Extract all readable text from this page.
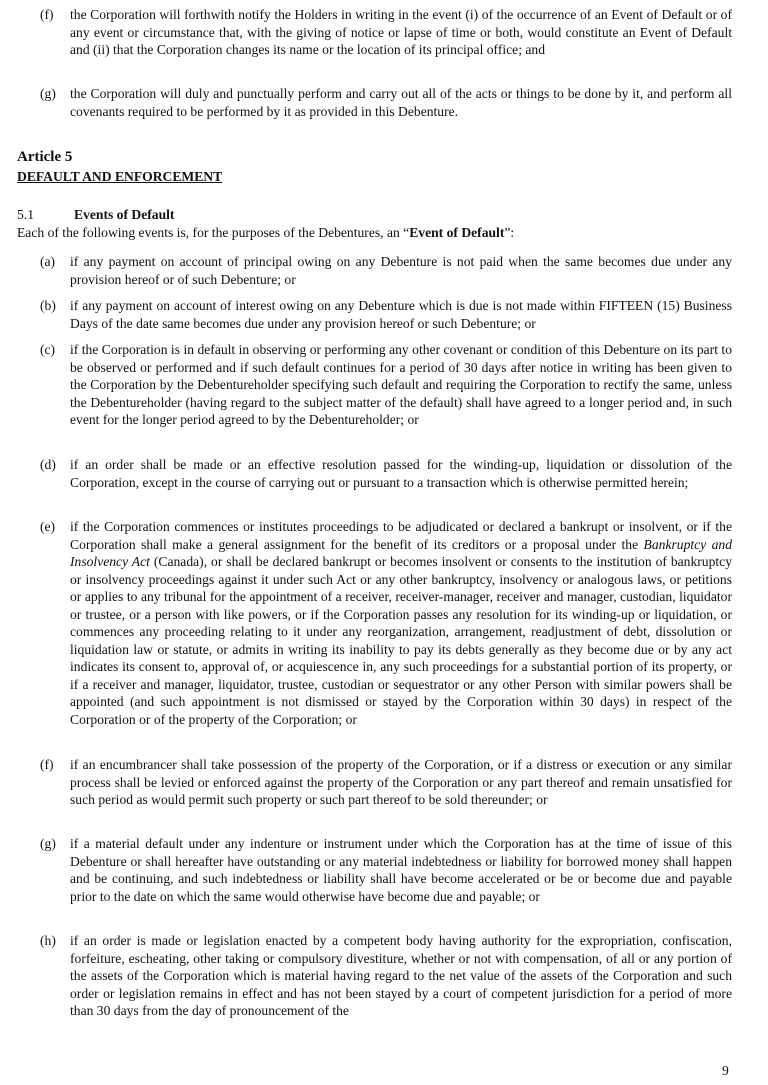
(f)	the Corporation will forthwith notify the Holders in writing in the event (i) of the occurrence of an Event of Default or of any event or circumstance that, with the giving of notice or lapse of time or both, would constitute an Event of Default and (ii) that the Corporation changes its name or the location of its principal office; and
(g)	the Corporation will duly and punctually perform and carry out all of the acts or things to be done by it, and perform all covenants required to be performed by it as provided in this Debenture.
Article 5
DEFAULT AND ENFORCEMENT
5.1	Events of Default
Each of the following events is, for the purposes of the Debentures, an “Event of Default”:
(a)	if any payment on account of principal owing on any Debenture is not paid when the same becomes due under any provision hereof or of such Debenture; or
(b)	if any payment on account of interest owing on any Debenture which is due is not made within FIFTEEN (15) Business Days of the date same becomes due under any provision hereof or such Debenture; or
(c)	if the Corporation is in default in observing or performing any other covenant or condition of this Debenture on its part to be observed or performed and if such default continues for a period of 30 days after notice in writing has been given to the Corporation by the Debentureholder specifying such default and requiring the Corporation to rectify the same, unless the Debentureholder (having regard to the subject matter of the default) shall have agreed to a longer period and, in such event for the longer period agreed to by the Debentureholder; or
(d)	if an order shall be made or an effective resolution passed for the winding-up, liquidation or dissolution of the Corporation, except in the course of carrying out or pursuant to a transaction which is otherwise permitted herein;
(e)	if the Corporation commences or institutes proceedings to be adjudicated or declared a bankrupt or insolvent, or if the Corporation shall make a general assignment for the benefit of its creditors or a proposal under the Bankruptcy and Insolvency Act (Canada), or shall be declared bankrupt or becomes insolvent or consents to the institution of bankruptcy or insolvency proceedings against it under such Act or any other bankruptcy, insolvency or analogous laws, or petitions or applies to any tribunal for the appointment of a receiver, receiver-manager, receiver and manager, custodian, liquidator or trustee, or a person with like powers, or if the Corporation passes any resolution for its winding-up or liquidation, or commences any proceeding relating to it under any reorganization, arrangement, readjustment of debt, dissolution or liquidation law or statute, or admits in writing its inability to pay its debts generally as they become due or by any act indicates its consent to, approval of, or acquiescence in, any such proceedings for a substantial portion of its property, or if a receiver and manager, liquidator, trustee, custodian or sequestrator or any other Person with similar powers shall be appointed (and such appointment is not dismissed or stayed by the Corporation within 30 days) in respect of the Corporation or of the property of the Corporation; or
(f)	if an encumbrancer shall take possession of the property of the Corporation, or if a distress or execution or any similar process shall be levied or enforced against the property of the Corporation or any part thereof and remain unsatisfied for such period as would permit such property or such part thereof to be sold thereunder; or
(g)	if a material default under any indenture or instrument under which the Corporation has at the time of issue of this Debenture or shall hereafter have outstanding or any material indebtedness or liability for borrowed money shall happen and be continuing, and such indebtedness or liability shall have become accelerated or be or become due and payable prior to the date on which the same would otherwise have become due and payable; or
(h)	if an order is made or legislation enacted by a competent body having authority for the expropriation, confiscation, forfeiture, escheating, other taking or compulsory divestiture, whether or not with compensation, of all or any portion of the assets of the Corporation which is material having regard to the net value of the assets of the Corporation and such order or legislation remains in effect and has not been stayed by a court of competent jurisdiction for a period of more than 30 days from the day of pronouncement of the
9
